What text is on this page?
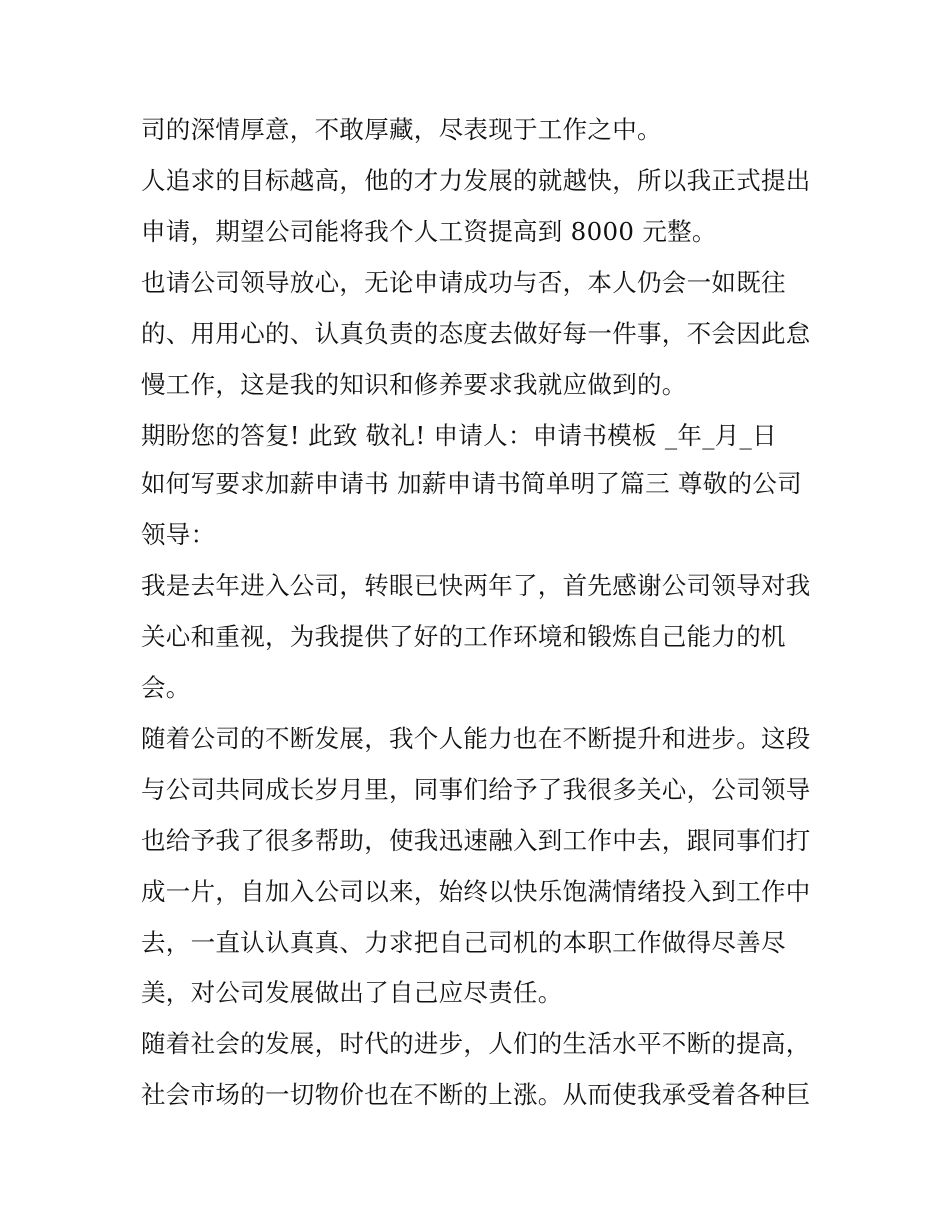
司的深情厚意，不敢厚藏，尽表现于工作之中。
人追求的目标越高，他的才力发展的就越快，所以我正式提出
申请，期望公司能将我个人工资提高到 8000 元整。
也请公司领导放心，无论申请成功与否，本人仍会一如既往
的、用用心的、认真负责的态度去做好每一件事，不会因此怠
慢工作，这是我的知识和修养要求我就应做到的。
期盼您的答复! 此致 敬礼! 申请人：申请书模板 _年_月_日
如何写要求加薪申请书 加薪申请书简单明了篇三 尊敬的公司
领导：
我是去年进入公司，转眼已快两年了，首先感谢公司领导对我
关心和重视，为我提供了好的工作环境和锻炼自己能力的机
会。
随着公司的不断发展，我个人能力也在不断提升和进步。这段
与公司共同成长岁月里，同事们给予了我很多关心，公司领导
也给予我了很多帮助，使我迅速融入到工作中去，跟同事们打
成一片，自加入公司以来，始终以快乐饱满情绪投入到工作中
去，一直认认真真、力求把自己司机的本职工作做得尽善尽
美，对公司发展做出了自己应尽责任。
随着社会的发展，时代的进步，人们的生活水平不断的提高，
社会市场的一切物价也在不断的上涨。从而使我承受着各种巨
